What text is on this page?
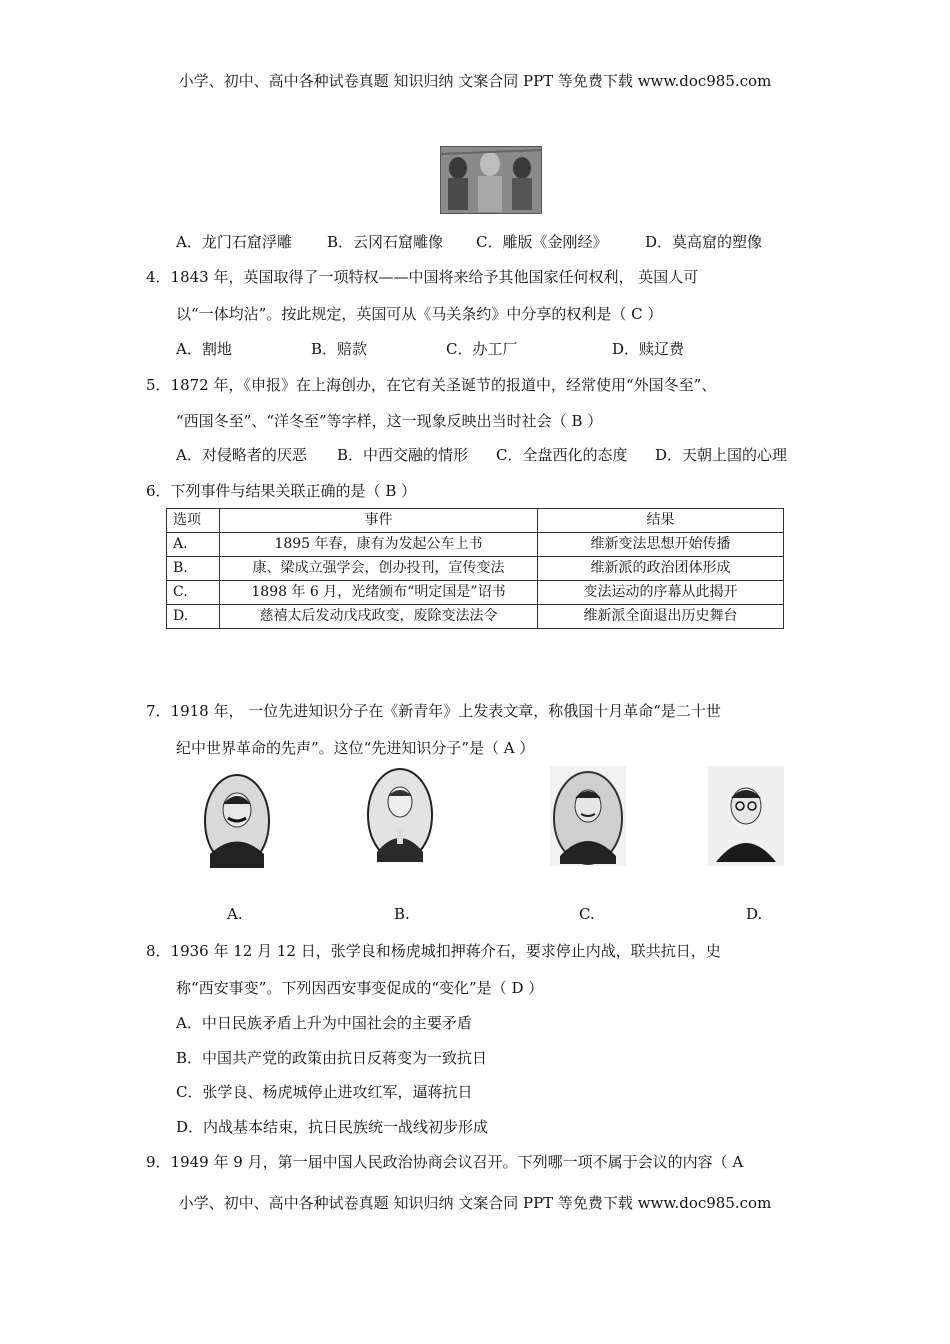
小学、初中、高中各种试卷真题 知识归纳 文案合同 PPT 等免费下载 www.doc985.com
A．龙门石窟浮雕 B．云冈石窟雕像 C．雕版《金刚经》	D．莫高窟的塑像
4．1843 年，英国取得了一项特权——中国将来给予其他国家任何权利， 英国人可
以“一体均沾”。按此规定，英国可从《马关条约》中分享的权利是（ C ）
A．割地	B．赔款	C．办工厂	D．赎辽费
5．1872 年，《申报》在上海创办，在它有关圣诞节的报道中，经常使用“外国冬至”、
“西国冬至”、“洋冬至”等字样，这一现象反映出当时社会（ B ）
A．对侵略者的厌恶 B．中西交融的情形 C．全盘西化的态度 D．天朝上国的心理
6．下列事件与结果关联正确的是（ B ）
选项	事件	结果
A.	1895 年春，康有为发起公车上书	维新变法思想开始传播
B.	康、梁成立强学会，创办投刊，宣传变法	维新派的政治团体形成
C.	1898 年 6 月，光绪颁布“明定国是”诏书	变法运动的序幕从此揭开
D.	慈禧太后发动戊戌政变，废除变法法令	维新派全面退出历史舞台
7．1918 年， 一位先进知识分子在《新青年》上发表文章，称俄国十月革命“是二十世
纪中世界革命的先声”。这位“先进知识分子”是（ A ）
A.	B.	C.	D.
8．1936 年 12 月 12 日，张学良和杨虎城扣押蒋介石，要求停止内战，联共抗日，史
称“西安事变”。下列因西安事变促成的“变化”是（ D ）
A．中日民族矛盾上升为中国社会的主要矛盾
B．中国共产党的政策由抗日反蒋变为一致抗日
C．张学良、杨虎城停止进攻红军，逼蒋抗日
D．内战基本结束，抗日民族统一战线初步形成
9．1949 年 9 月，第一届中国人民政治协商会议召开。下列哪一项不属于会议的内容（ A
小学、初中、高中各种试卷真题 知识归纳 文案合同 PPT 等免费下载 www.doc985.com
